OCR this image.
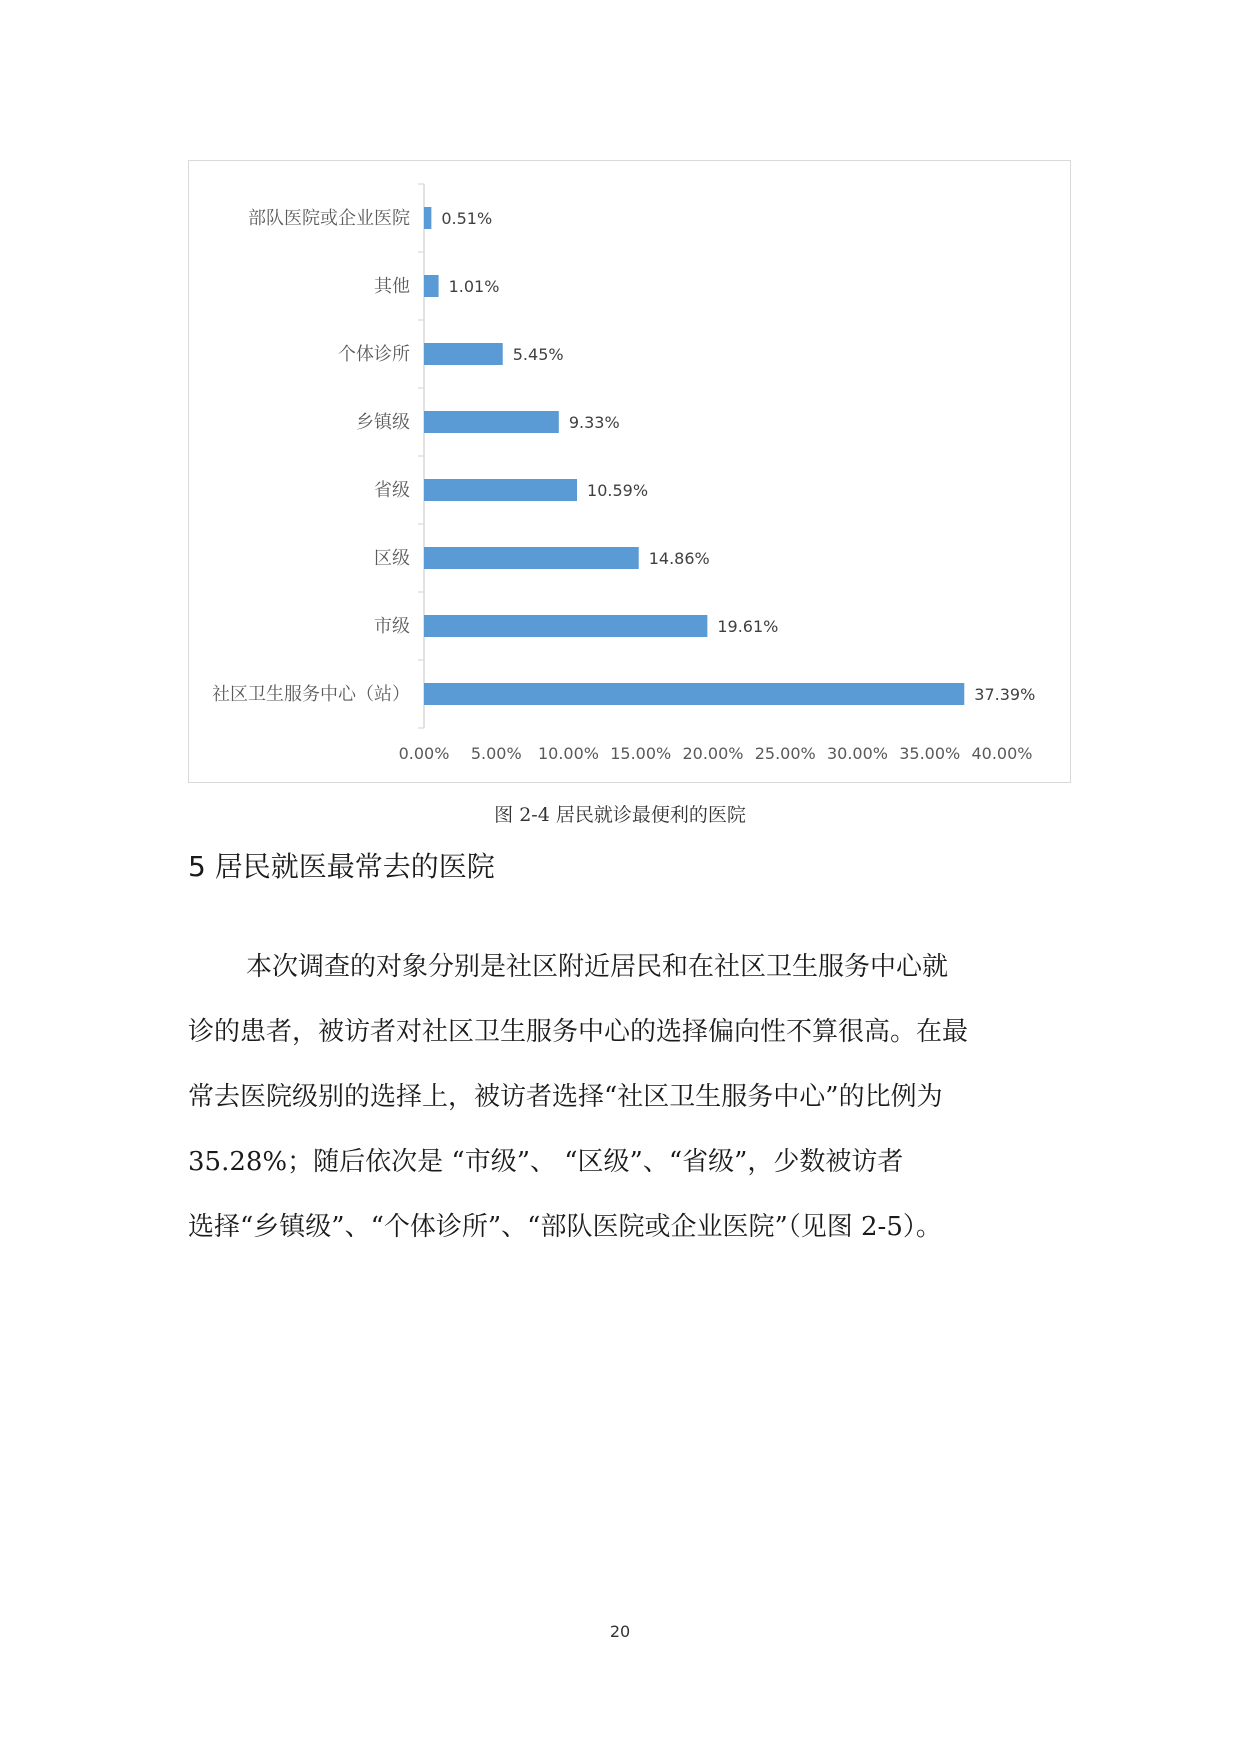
部队医院或企业医院 0.51%
其他 1.01%
个体诊所	5.45%
乡镇级	9.33%
省级	10.59%
区级	14.86%
市级	19.61%
社区卫生服务中心（站）	37.39%
0.00% 5.00% 10.00% 15.00% 20.00% 25.00% 30.00% 35.00% 40.00%
图 2-4 居民就诊最便利的医院
5 居民就医最常去的医院
本次调查的对象分别是社区附近居民和在社区卫生服务中心就
诊的患者，被访者对社区卫生服务中心的选择偏向性不算很高。在最
常去医院级别的选择上，被访者选择“社区卫生服务中心”的比例为
35.28%；随后依次是 “市级”、 “区级”、“省级”，少数被访者
选择“乡镇级”、“个体诊所”、“部队医院或企业医院”（见图 2-5）。
20
